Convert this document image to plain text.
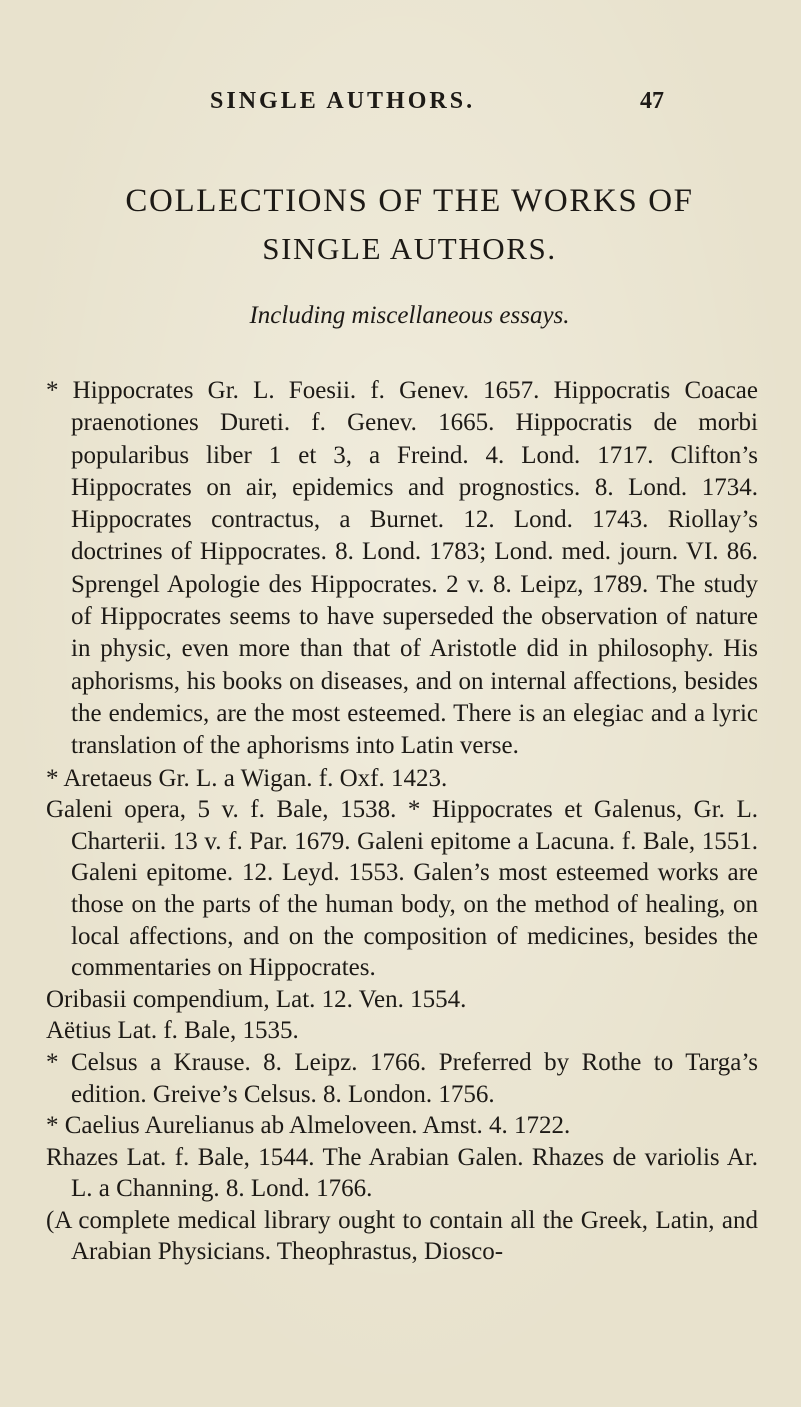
SINGLE AUTHORS.	47
COLLECTIONS OF THE WORKS OF
SINGLE AUTHORS.
Including miscellaneous essays.

* Hippocrates Gr. L. Foesii. f. Genev. 1657. Hippocratis Coacae praenotiones Dureti. f. Genev. 1665. Hippocratis de morbi popularibus liber 1 et 3, a Freind. 4. Lond. 1717. Clifton’s Hippocrates on air, epidemics and prognostics. 8. Lond. 1734. Hippocrates contractus, a Burnet. 12. Lond. 1743. Riollay’s doctrines of Hippocrates. 8. Lond. 1783; Lond. med. journ. VI. 86. Sprengel Apologie des Hippocrates. 2 v. 8. Leipz, 1789. The study of Hippocrates seems to have superseded the observation of nature in physic, even more than that of Aristotle did in philosophy. His aphorisms, his books on diseases, and on internal affections, besides the endemics, are the most esteemed. There is an elegiac and a lyric translation of the aphorisms into Latin verse.

* Aretaeus Gr. L. a Wigan. f. Oxf. 1423.

Galeni opera, 5 v. f. Bale, 1538. * Hippocrates et Galenus, Gr. L. Charterii. 13 v. f. Par. 1679. Galeni epitome a Lacuna. f. Bale, 1551. Galeni epitome. 12. Leyd. 1553. Galen’s most esteemed works are those on the parts of the human body, on the method of healing, on local affections, and on the composition of medicines, besides the commentaries on Hippocrates.

Oribasii compendium, Lat. 12. Ven. 1554.

Aëtius Lat. f. Bale, 1535.

* Celsus a Krause. 8. Leipz. 1766. Preferred by Rothe to Targa’s edition. Greive’s Celsus. 8. London. 1756.

* Caelius Aurelianus ab Almeloveen. Amst. 4. 1722.

Rhazes Lat. f. Bale, 1544. The Arabian Galen. Rhazes de variolis Ar. L. a Channing. 8. Lond. 1766.

(A complete medical library ought to contain all the Greek, Latin, and Arabian Physicians. Theophrastus, Diosco-
